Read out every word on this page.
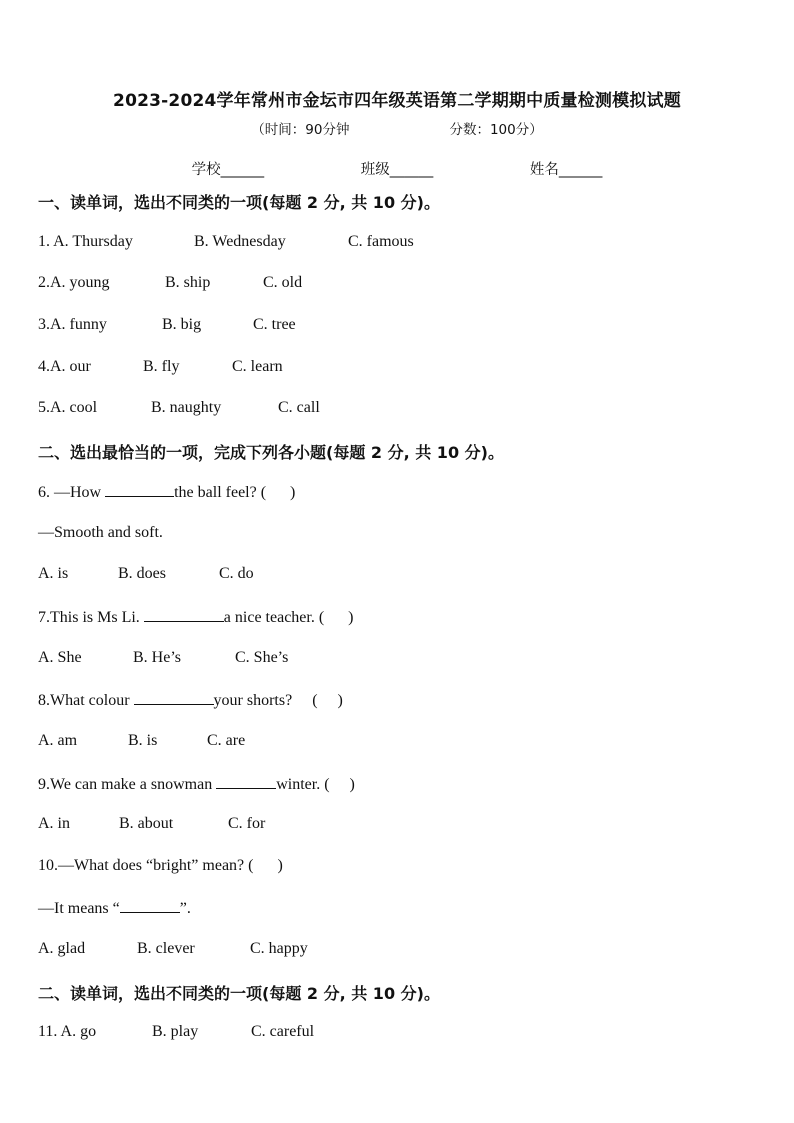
2023-2024学年常州市金坛市四年级英语第二学期期中质量检测模拟试题
（时间：90分钟	分数：100分）
学校______	班级______	姓名______
一、读单词，选出不同类的一项(每题 2 分, 共 10 分)。
1. A. Thursday	B. Wednesday	C. famous
2.A. young	B. ship	C. old
3.A. funny	B. big	C. tree
4.A. our	B. fly	C. learn
5.A. cool	B. naughty	C. call
二、选出最恰当的一项，完成下列各小题(每题 2 分, 共 10 分)。
6. —How	the ball feel? (      )
—Smooth and soft.
A. is	B. does	C. do
7.This is Ms Li.	a nice teacher. (      )
A. She	B. He’s	C. She’s
8.What colour	your shorts?     (     )
A. am	B. is	C. are
9.We can make a snowman	winter. (     )
A. in	B. about	C. for
10.—What does “bright” mean? (      )
—It means “	”.
A. glad	B. clever	C. happy
二、读单词，选出不同类的一项(每题 2 分, 共 10 分)。
11. A. go	B. play	C. careful
